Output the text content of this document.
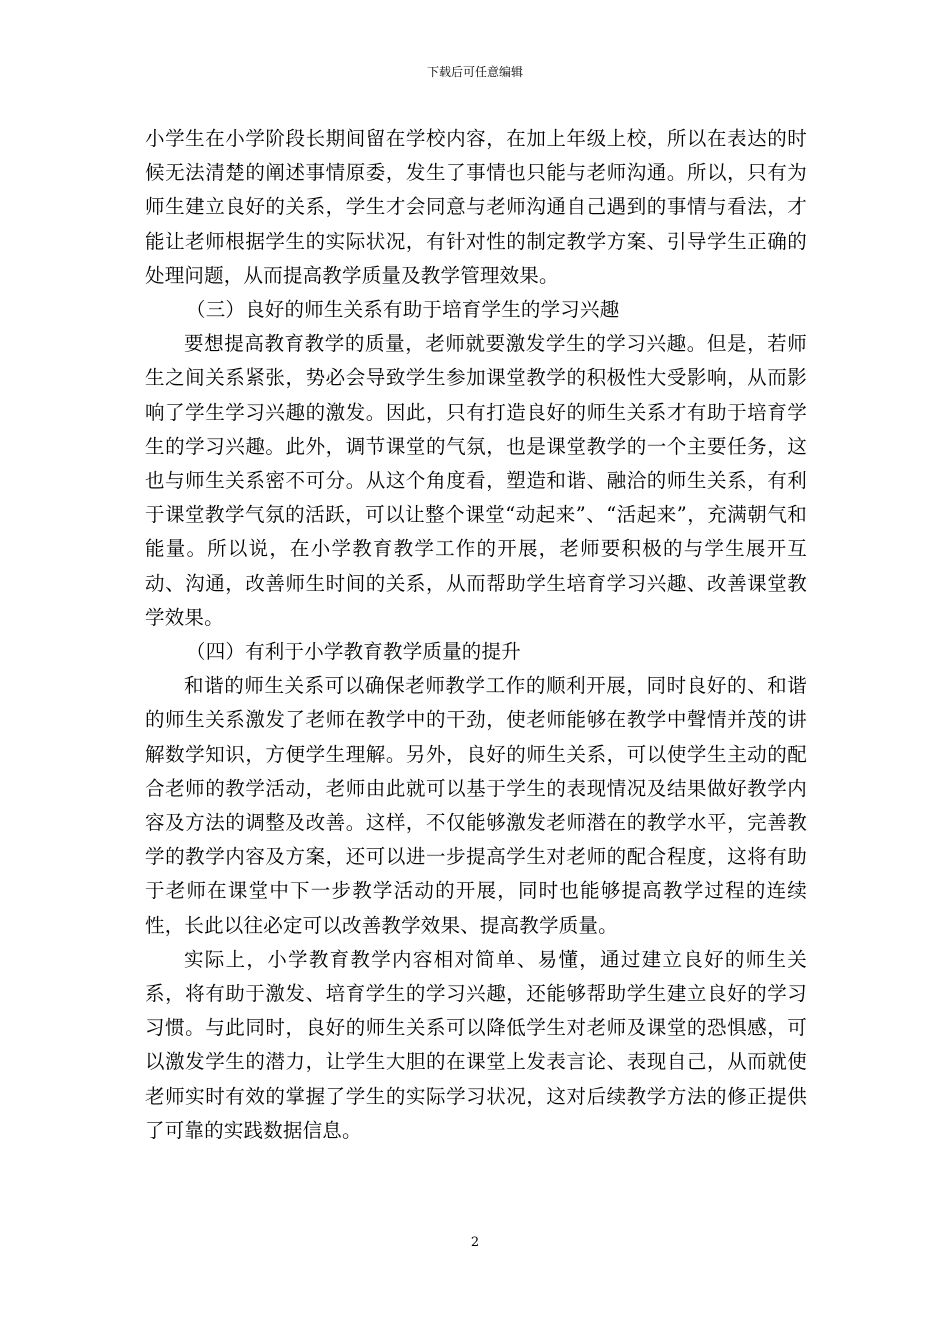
下载后可任意编辑

小学生在小学阶段长期间留在学校内容，在加上年级上校，所以在表达的时候无法清楚的阐述事情原委，发生了事情也只能与老师沟通。所以，只有为师生建立良好的关系，学生才会同意与老师沟通自己遇到的事情与看法，才能让老师根据学生的实际状况，有针对性的制定教学方案、引导学生正确的处理问题，从而提高教学质量及教学管理效果。

（三）良好的师生关系有助于培育学生的学习兴趣

要想提高教育教学的质量，老师就要激发学生的学习兴趣。但是，若师生之间关系紧张，势必会导致学生参加课堂教学的积极性大受影响，从而影响了学生学习兴趣的激发。因此，只有打造良好的师生关系才有助于培育学生的学习兴趣。此外，调节课堂的气氛，也是课堂教学的一个主要任务，这也与师生关系密不可分。从这个角度看，塑造和谐、融洽的师生关系，有利于课堂教学气氛的活跃，可以让整个课堂“动起来”、“活起来”，充满朝气和能量。所以说，在小学教育教学工作的开展，老师要积极的与学生展开互动、沟通，改善师生时间的关系，从而帮助学生培育学习兴趣、改善课堂教学效果。

（四）有利于小学教育教学质量的提升

和谐的师生关系可以确保老师教学工作的顺利开展，同时良好的、和谐的师生关系激发了老师在教学中的干劲，使老师能够在教学中聲情并茂的讲解数学知识，方便学生理解。另外，良好的师生关系，可以使学生主动的配合老师的教学活动，老师由此就可以基于学生的表现情况及结果做好教学内容及方法的调整及改善。这样，不仅能够激发老师潜在的教学水平，完善教学的教学内容及方案，还可以进一步提高学生对老师的配合程度，这将有助于老师在课堂中下一步教学活动的开展，同时也能够提高教学过程的连续性，长此以往必定可以改善教学效果、提高教学质量。

实际上，小学教育教学内容相对简单、易懂，通过建立良好的师生关系，将有助于激发、培育学生的学习兴趣，还能够帮助学生建立良好的学习习惯。与此同时，良好的师生关系可以降低学生对老师及课堂的恐惧感，可以激发学生的潜力，让学生大胆的在课堂上发表言论、表现自己，从而就使老师实时有效的掌握了学生的实际学习状况，这对后续教学方法的修正提供了可靠的实践数据信息。

2
